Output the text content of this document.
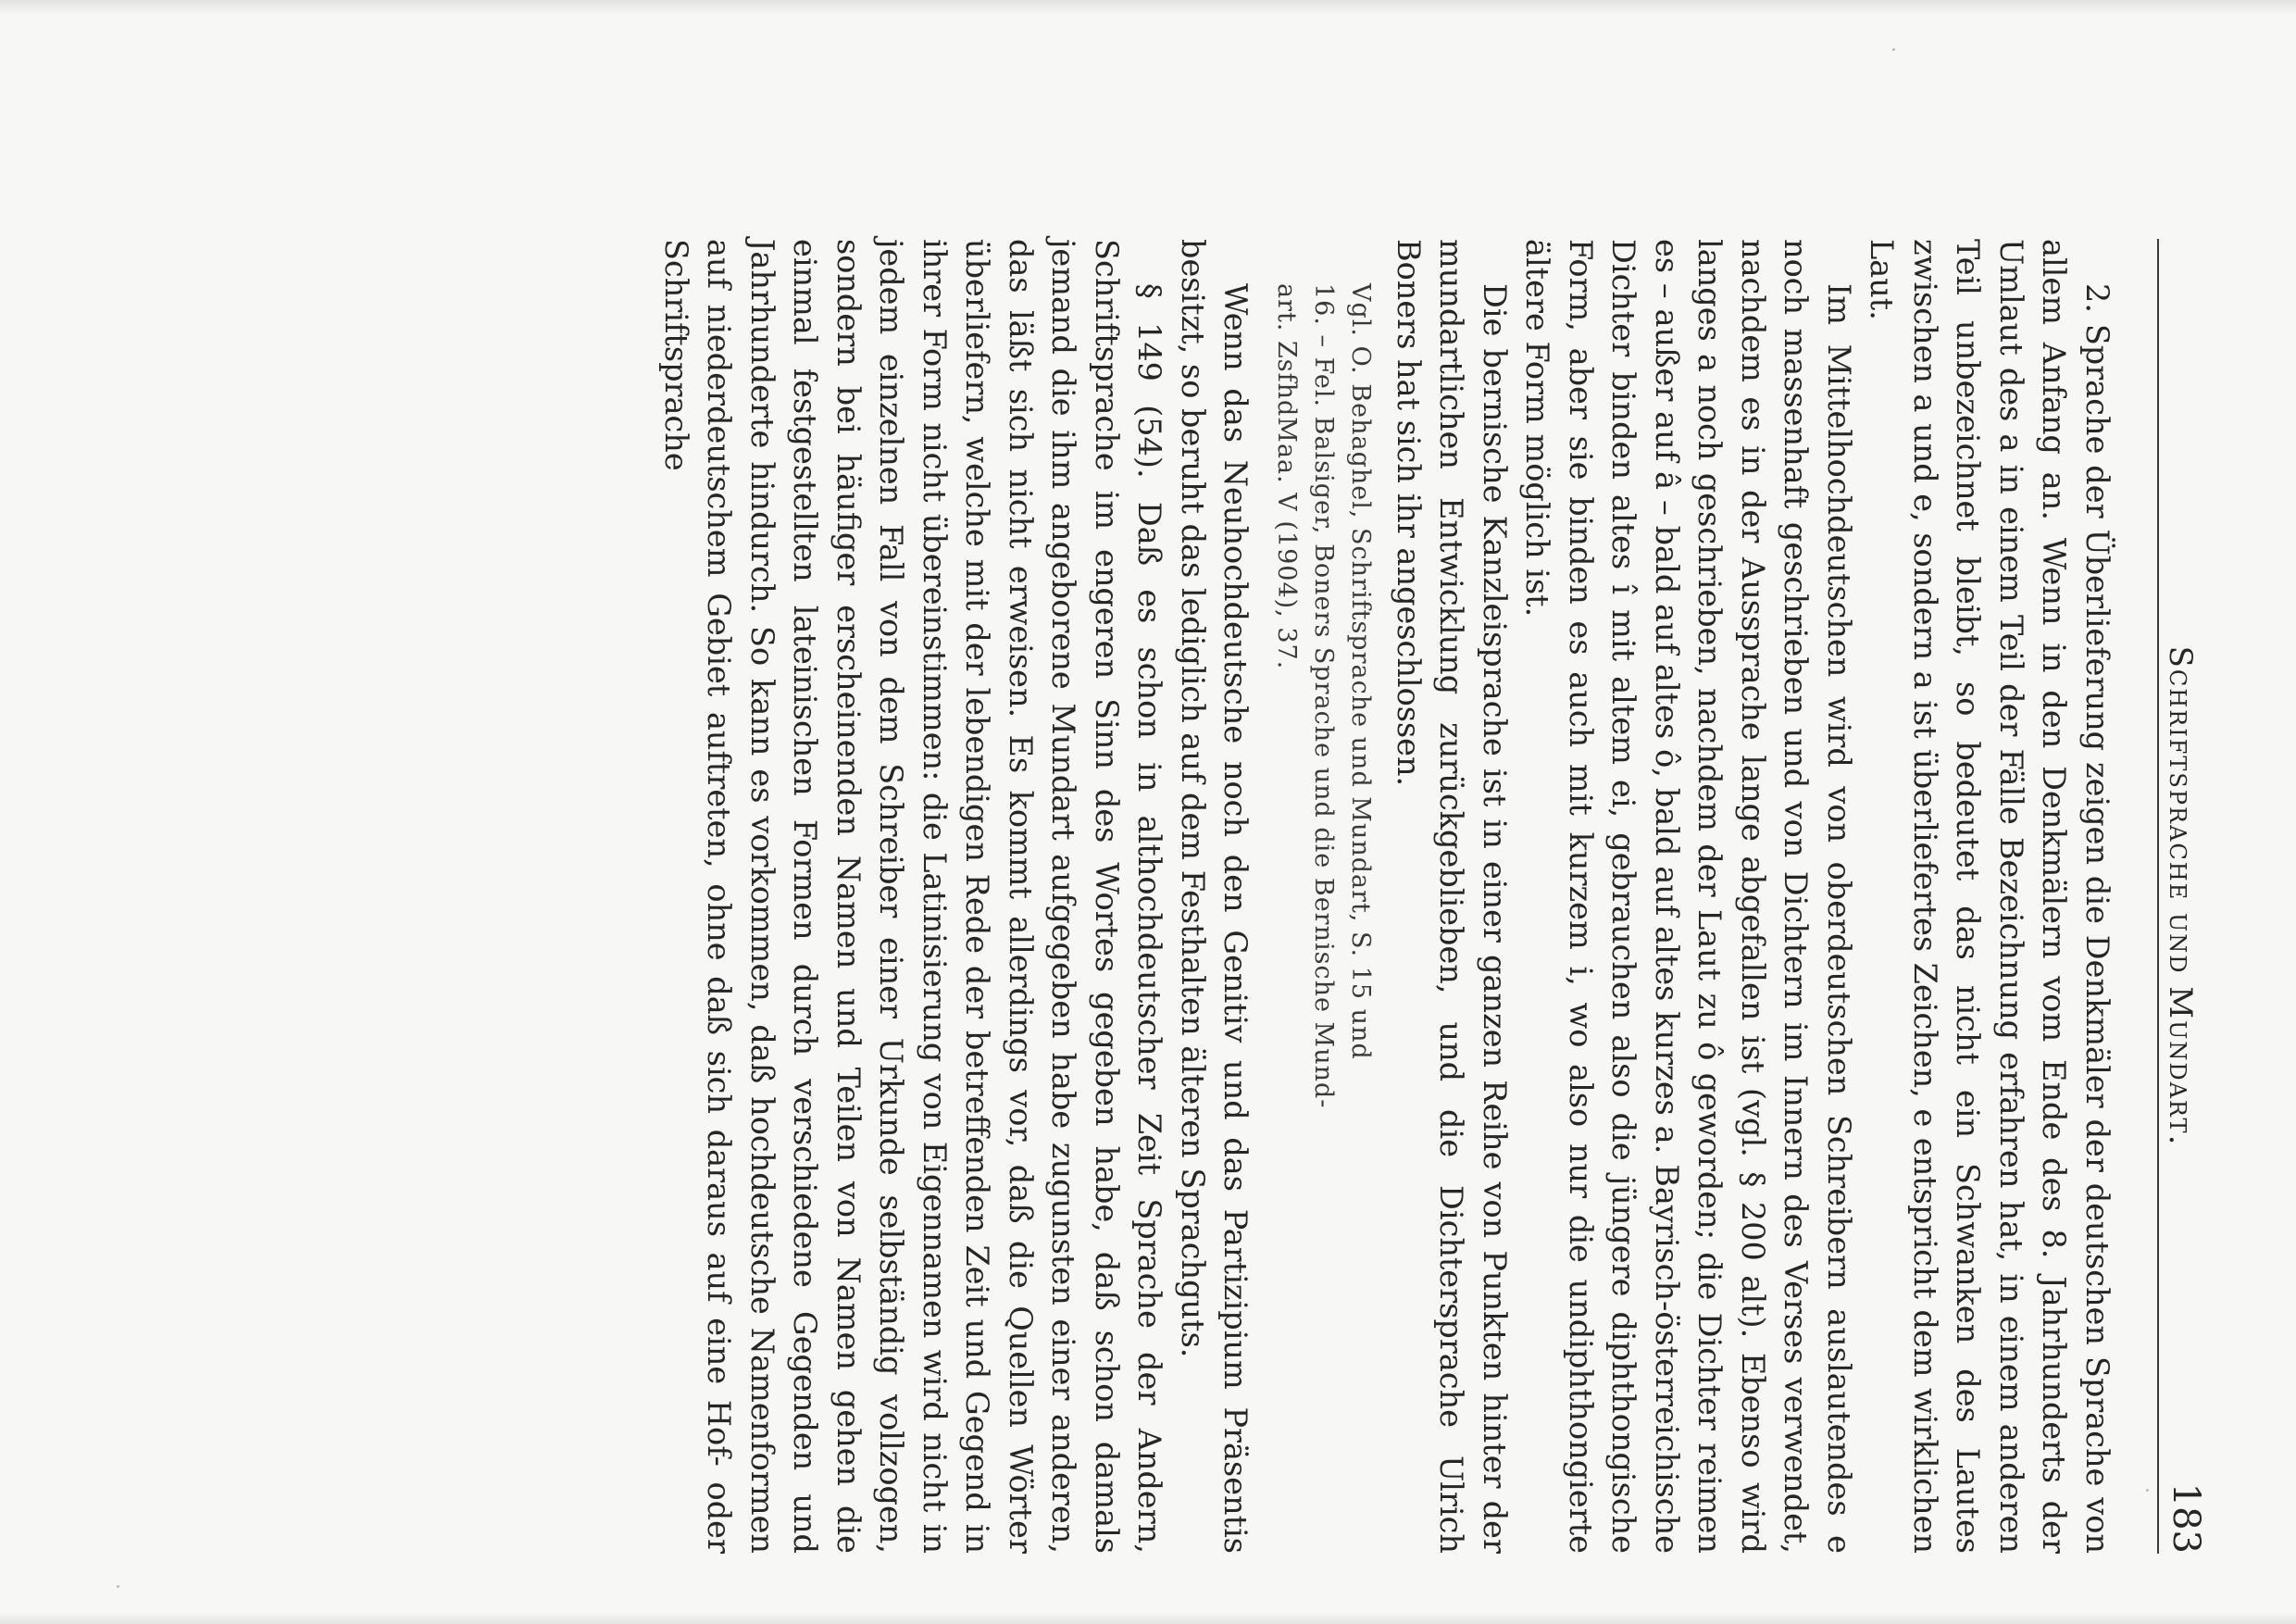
Schriftsprache und Mundart.
183

2. Sprache der Überlieferung zeigen die Denkmäler der deutschen Sprache von allem Anfang an. Wenn in den Denkmälern vom Ende des 8. Jahrhunderts der Umlaut des a in einem Teil der Fälle Bezeichnung erfahren hat, in einem anderen Teil unbezeichnet bleibt, so bedeutet das nicht ein Schwanken des Lautes zwischen a und e, sondern a ist überliefertes Zeichen, e entspricht dem wirklichen Laut.

Im Mittelhochdeutschen wird von oberdeutschen Schreibern auslautendes e noch massenhaft geschrieben und von Dichtern im Innern des Verses verwendet, nachdem es in der Aussprache lange abgefallen ist (vgl. § 200 alt). Ebenso wird langes a noch geschrieben, nachdem der Laut zu ô geworden; die Dichter reimen es – außer auf â – bald auf altes ô, bald auf altes kurzes a. Bayrisch-österreichische Dichter binden altes î mit altem ei, gebrauchen also die jüngere diphthongische Form, aber sie binden es auch mit kurzem i, wo also nur die undiphthongierte ältere Form möglich ist.

Die bernische Kanzleisprache ist in einer ganzen Reihe von Punkten hinter der mundartlichen Entwicklung zurückgeblieben, und die Dichtersprache Ulrich Boners hat sich ihr angeschlossen.

Vgl. O. Behaghel, Schriftsprache und Mundart, S. 15 und
16. – Fel. Balsiger, Boners Sprache und die Bernische Mund-
art. ZsfhdMaa. V (1904), 37.

Wenn das Neuhochdeutsche noch den Genitiv und das Partizipium Präsentis besitzt, so beruht das lediglich auf dem Festhalten älteren Sprachguts.

§ 149 (54). Daß es schon in althochdeutscher Zeit Sprache der Andern, Schriftsprache im engeren Sinn des Wortes gegeben habe, daß schon damals jemand die ihm angeborene Mundart aufgegeben habe zugunsten einer anderen, das läßt sich nicht erweisen. Es kommt allerdings vor, daß die Quellen Wörter überliefern, welche mit der lebendigen Rede der betreffenden Zeit und Gegend in ihrer Form nicht übereinstimmen: die Latinisierung von Eigennamen wird nicht in jedem einzelnen Fall von dem Schreiber einer Urkunde selbständig vollzogen, sondern bei häufiger erscheinenden Namen und Teilen von Namen gehen die einmal festgestellten lateinischen Formen durch verschiedene Gegenden und Jahrhunderte hindurch. So kann es vorkommen, daß hochdeutsche Namenformen auf niederdeutschem Gebiet auftreten, ohne daß sich daraus auf eine Hof- oder Schriftsprache
